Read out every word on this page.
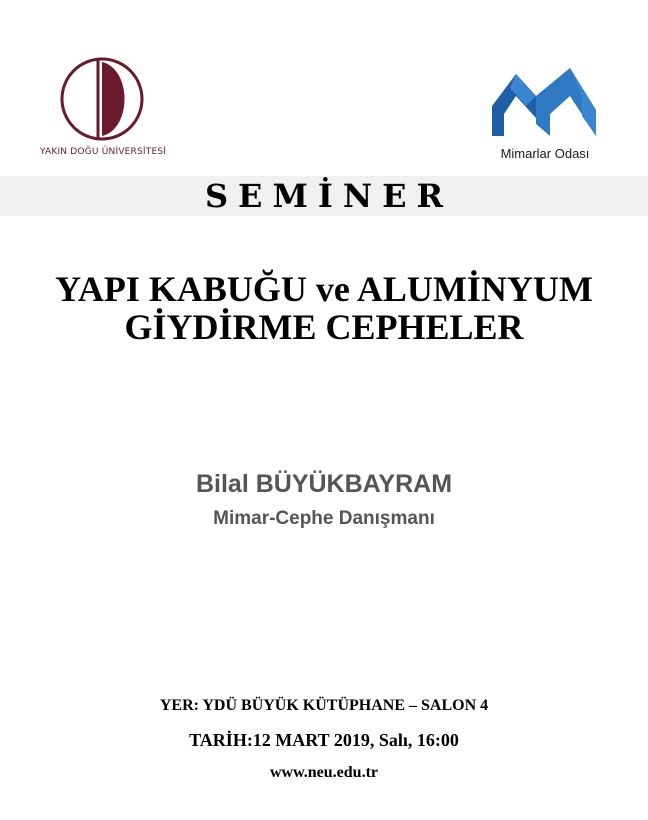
YAKIN DOĞU ÜNİVERSİTESİ	Mimarlar Odası
SEMİNER
YAPI KABUĞU ve ALUMİNYUM
GİYDİRME CEPHELER
Bilal BÜYÜKBAYRAM
Mimar-Cephe Danışmanı
YER: YDÜ BÜYÜK KÜTÜPHANE – SALON 4
TARİH:12 MART 2019, Salı, 16:00
www.neu.edu.tr
